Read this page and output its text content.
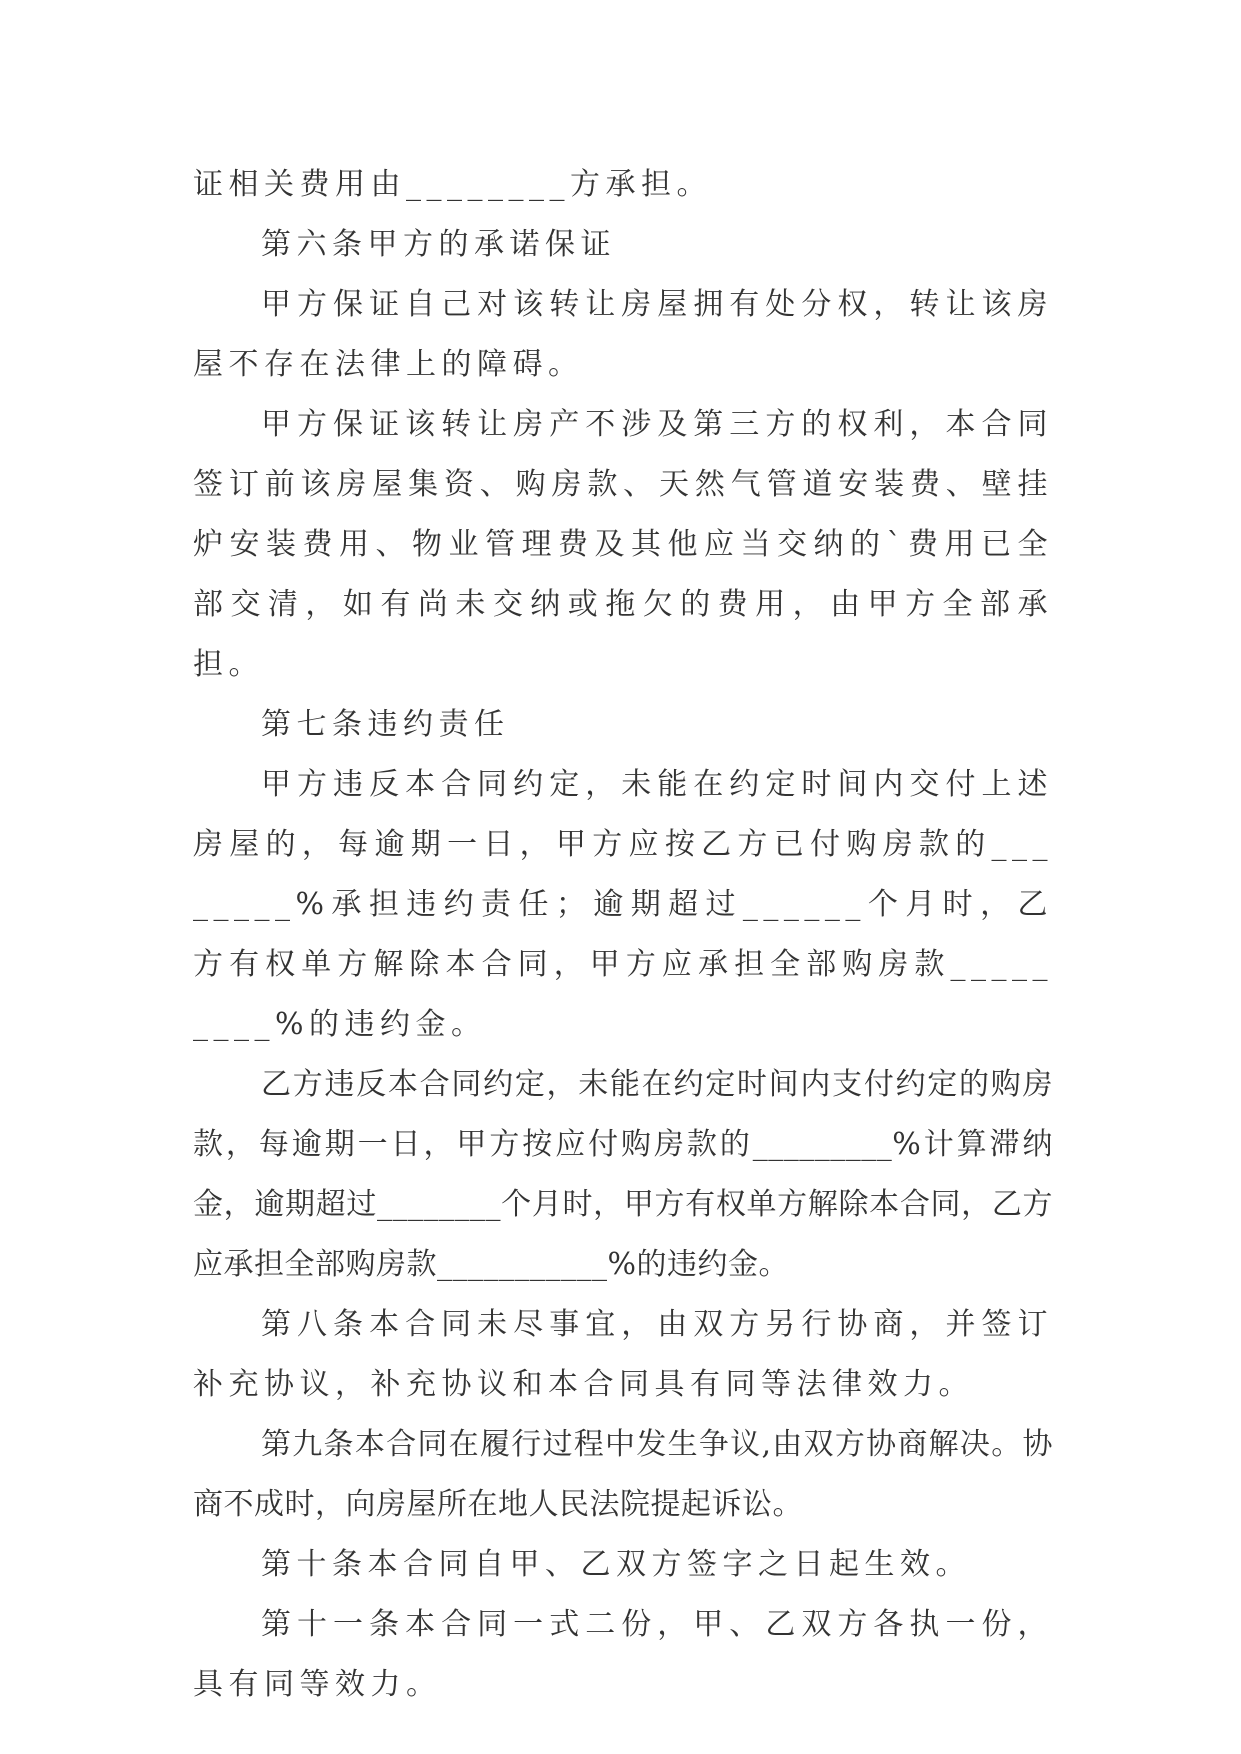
证相关费用由________方承担。

第六条甲方的承诺保证

甲方保证自己对该转让房屋拥有处分权，转让该房屋不存在法律上的障碍。

甲方保证该转让房产不涉及第三方的权利，本合同签订前该房屋集资、购房款、天然气管道安装费、壁挂炉安装费用、物业管理费及其他应当交纳的`费用已全部交清，如有尚未交纳或拖欠的费用，由甲方全部承担。

第七条违约责任

甲方违反本合同约定，未能在约定时间内交付上述房屋的，每逾期一日，甲方应按乙方已付购房款的________%承担违约责任；逾期超过______个月时，乙方有权单方解除本合同，甲方应承担全部购房款_________%的违约金。

乙方违反本合同约定，未能在约定时间内支付约定的购房款，每逾期一日，甲方按应付购房款的_________%计算滞纳金，逾期超过________个月时，甲方有权单方解除本合同，乙方应承担全部购房款___________%的违约金。

第八条本合同未尽事宜，由双方另行协商，并签订补充协议，补充协议和本合同具有同等法律效力。

第九条本合同在履行过程中发生争议,由双方协商解决。协商不成时，向房屋所在地人民法院提起诉讼。

第十条本合同自甲、乙双方签字之日起生效。

第十一条本合同一式二份，甲、乙双方各执一份，具有同等效力。
